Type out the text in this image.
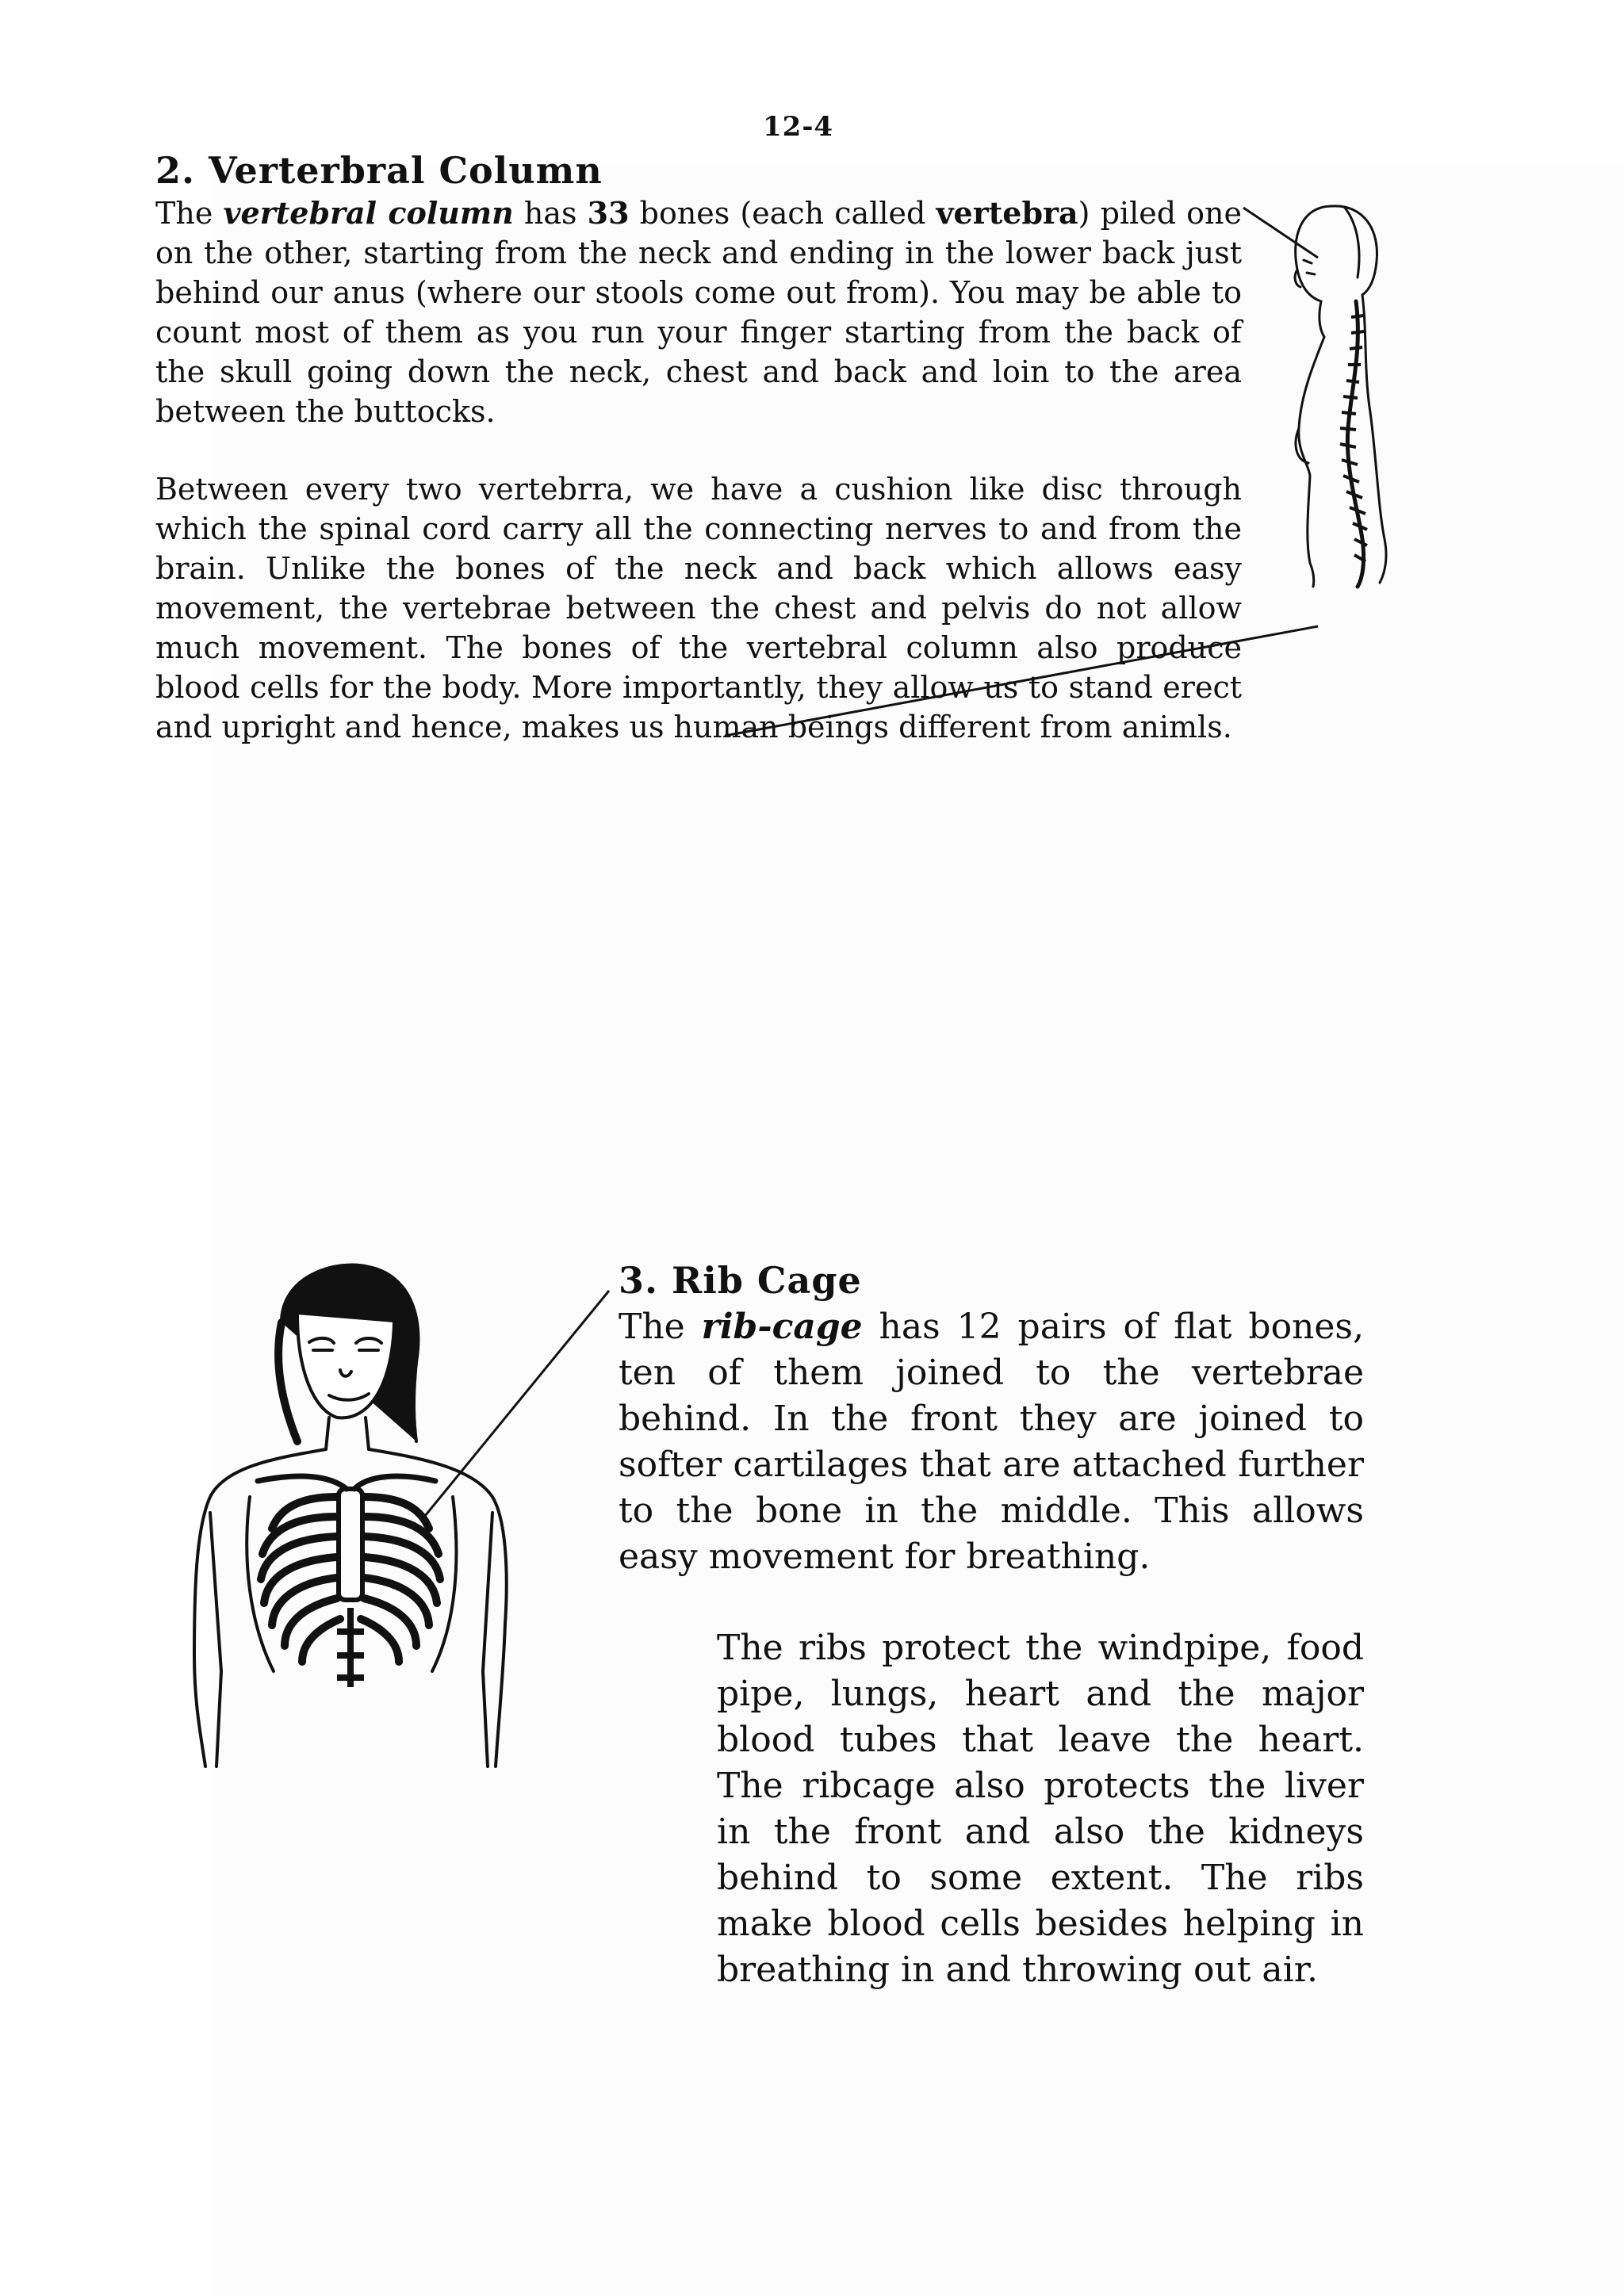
12-4
2. Verterbral Column

The vertebral column has 33 bones (each called vertebra) piled one on the other, starting from the neck and ending in the lower back just behind our anus (where our stools come out from). You may be able to count most of them as you run your finger starting from the back of the skull going down the neck, chest and back and loin to the area between the buttocks.

Between every two vertebrra, we have a cushion like disc through which the spinal cord carry all the connecting nerves to and from the brain. Unlike the bones of the neck and back which allows easy movement, the vertebrae between the chest and pelvis do not allow much movement. The bones of the vertebral column also produce blood cells for the body. More importantly, they allow us to stand erect and upright and hence, makes us human beings different from animls.

3. Rib Cage

The rib-cage has 12 pairs of flat bones, ten of them joined to the vertebrae behind. In the front they are joined to softer cartilages that are attached further to the bone in the middle. This allows easy movement for breathing.

The ribs protect the windpipe, food pipe, lungs, heart and the major blood tubes that leave the heart. The ribcage also protects the liver in the front and also the kidneys behind to some extent. The ribs make blood cells besides helping in breathing in and throwing out air.
